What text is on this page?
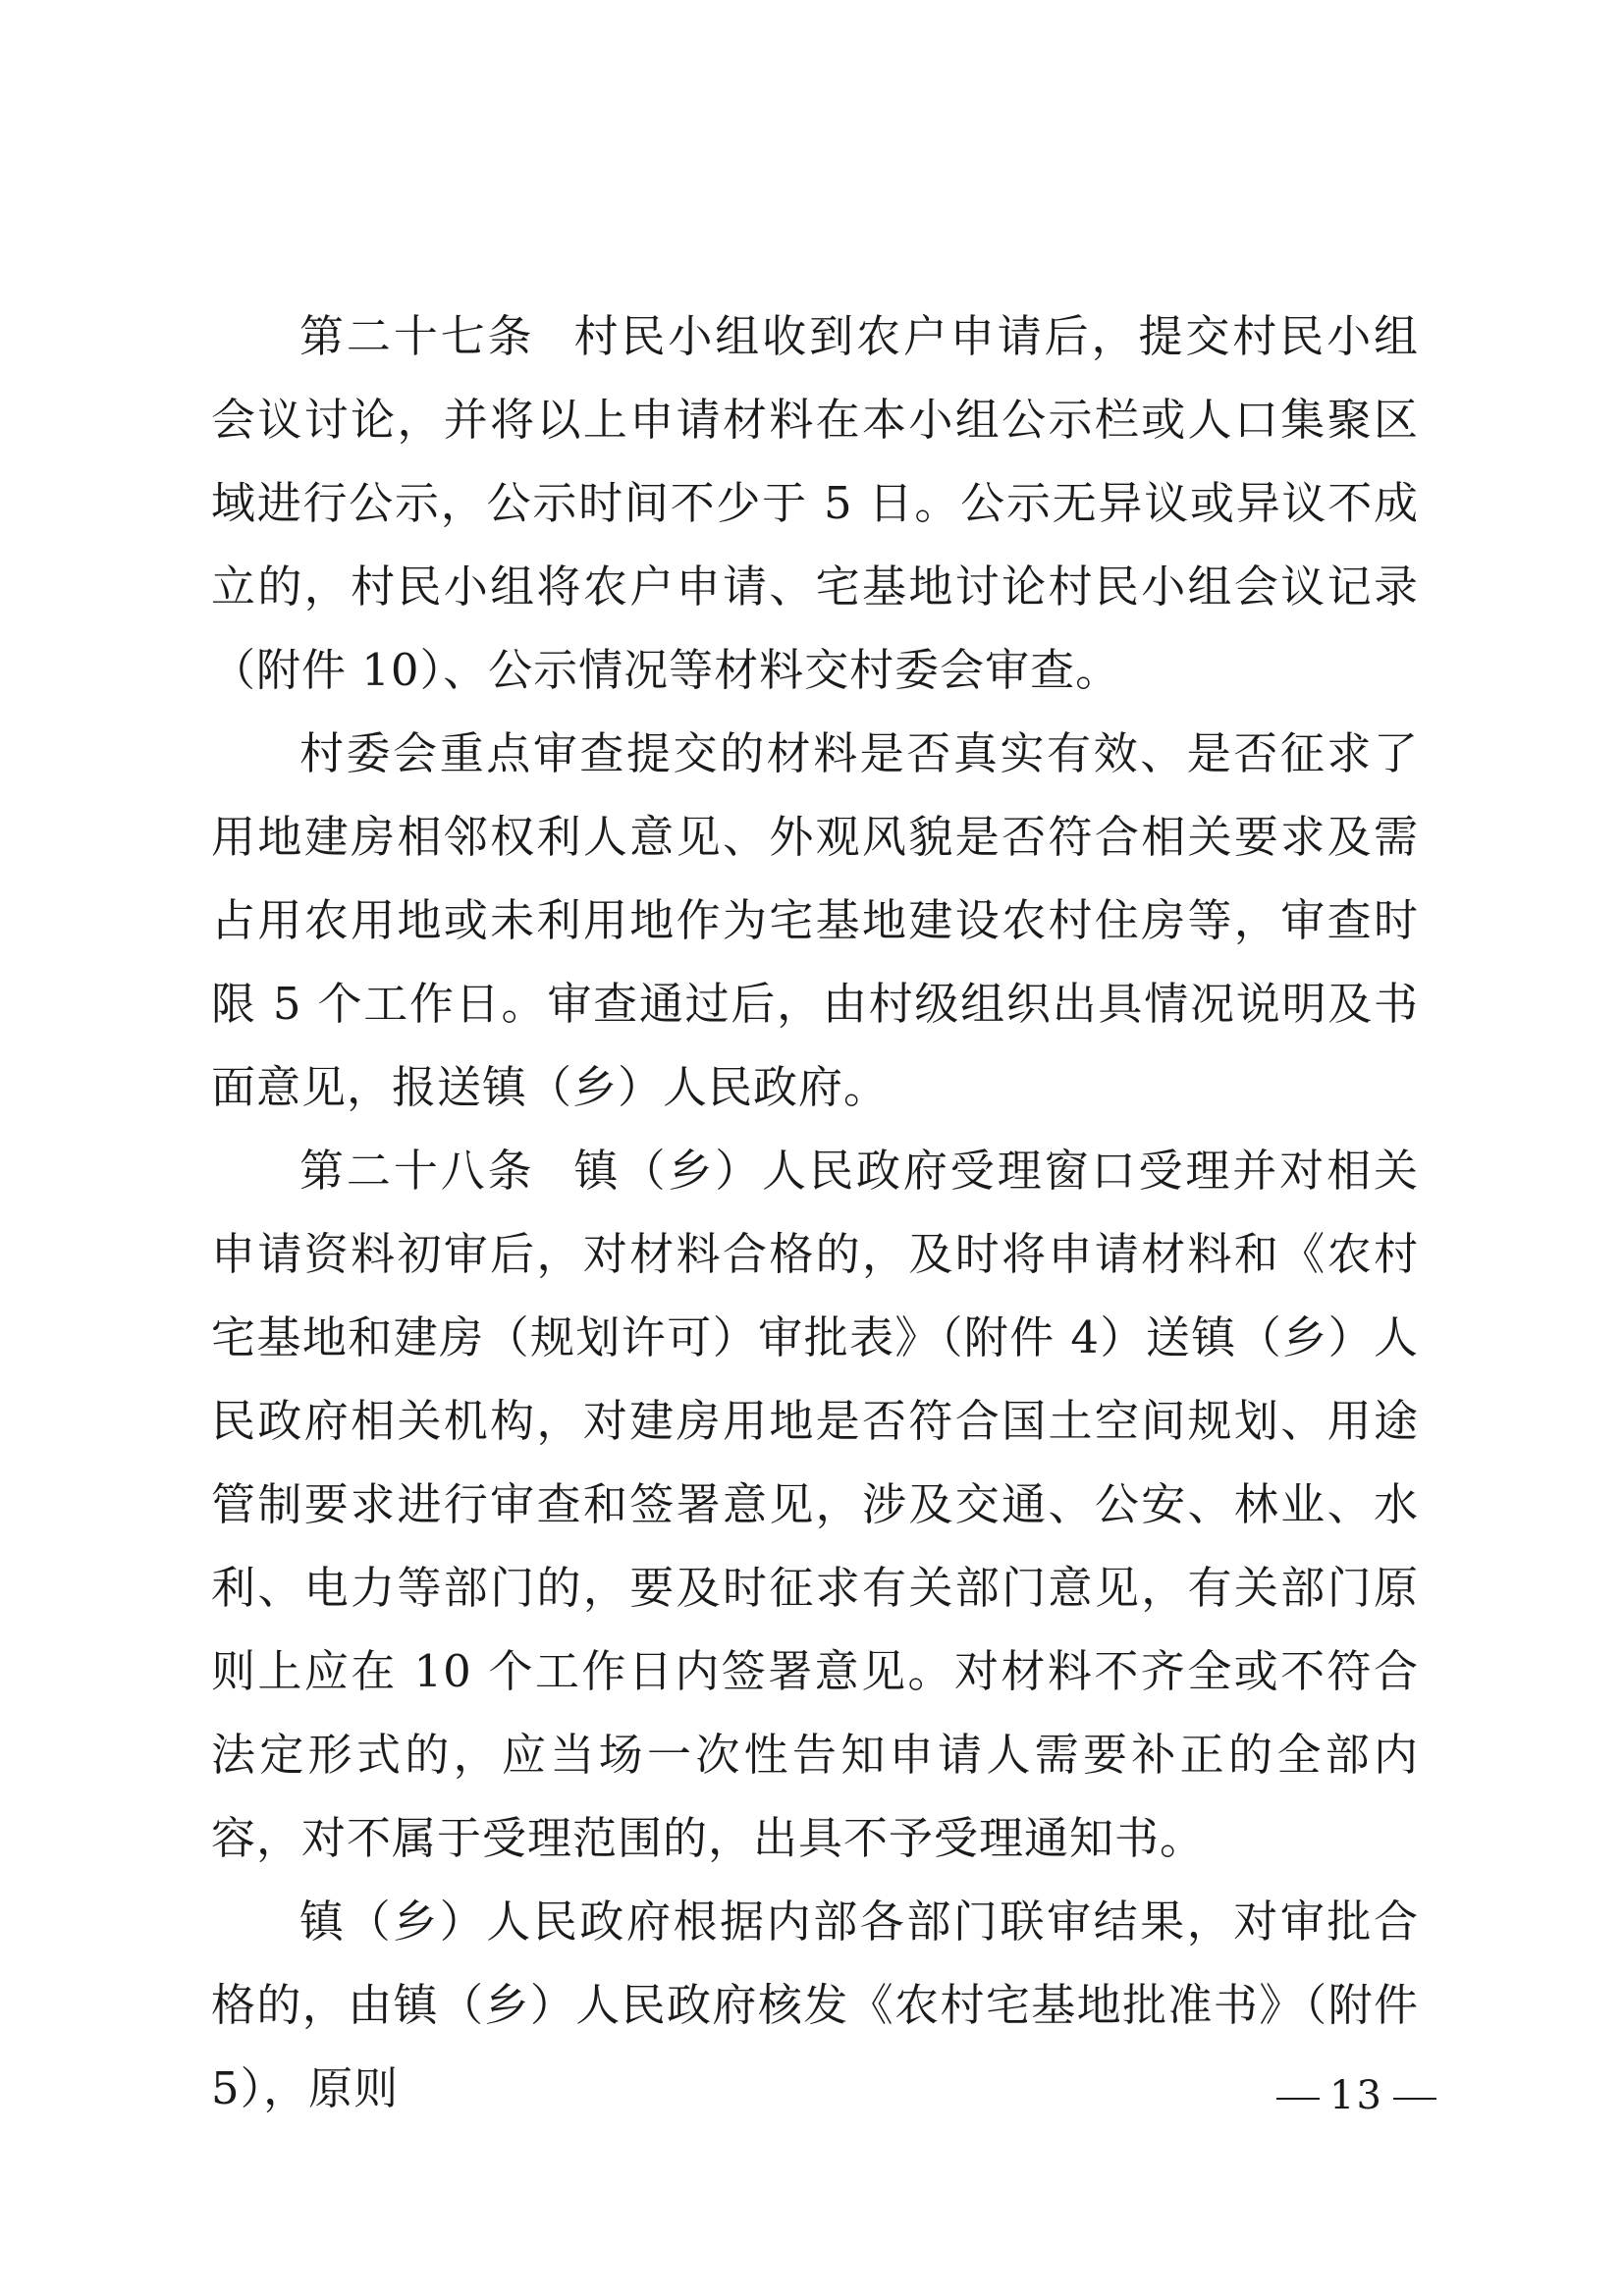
第二十七条 村民小组收到农户申请后，提交村民小组会议讨论，并将以上申请材料在本小组公示栏或人口集聚区域进行公示，公示时间不少于 5 日。公示无异议或异议不成立的，村民小组将农户申请、宅基地讨论村民小组会议记录（附件 10）、公示情况等材料交村委会审查。

村委会重点审查提交的材料是否真实有效、是否征求了用地建房相邻权利人意见、外观风貌是否符合相关要求及需占用农用地或未利用地作为宅基地建设农村住房等，审查时限 5 个工作日。审查通过后，由村级组织出具情况说明及书面意见，报送镇（乡）人民政府。

第二十八条 镇（乡）人民政府受理窗口受理并对相关申请资料初审后，对材料合格的，及时将申请材料和《农村宅基地和建房（规划许可）审批表》（附件 4）送镇（乡）人民政府相关机构，对建房用地是否符合国土空间规划、用途管制要求进行审查和签署意见，涉及交通、公安、林业、水利、电力等部门的，要及时征求有关部门意见，有关部门原则上应在 10 个工作日内签署意见。对材料不齐全或不符合法定形式的，应当场一次性告知申请人需要补正的全部内容，对不属于受理范围的，出具不予受理通知书。

镇（乡）人民政府根据内部各部门联审结果，对审批合格的，由镇（乡）人民政府核发《农村宅基地批准书》（附件 5），原则	13
